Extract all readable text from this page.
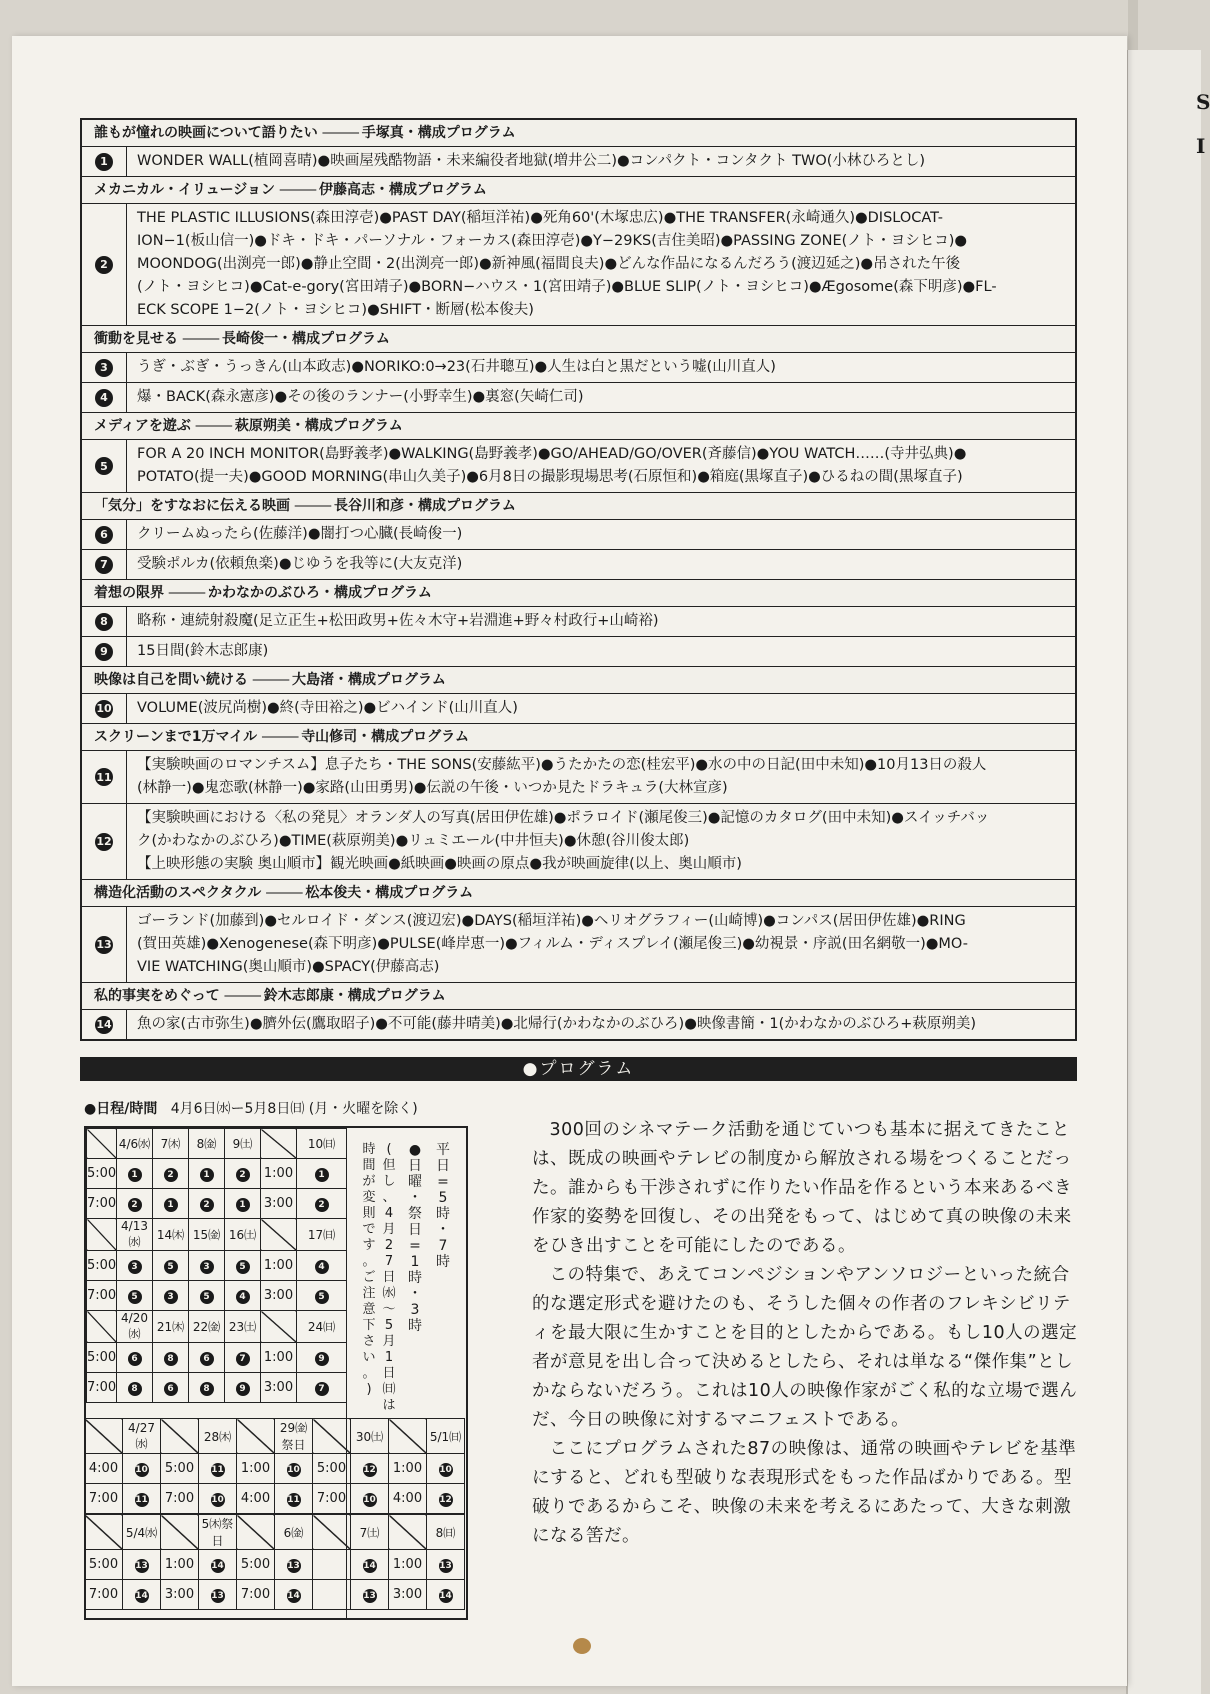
S
I
誰もが憧れの映画について語りたい ——— 手塚真・構成プログラム
1	WONDER WALL(植岡喜晴)●映画屋残酷物語・未来編役者地獄(増井公二)●コンパクト・コンタクト TWO(小林ひろとし)
メカニカル・イリュージョン ——— 伊藤高志・構成プログラム
2
THE PLASTIC ILLUSIONS(森田淳壱)●PAST DAY(稲垣洋祐)●死角60'(木塚忠広)●THE TRANSFER(永崎通久)●DISLOCAT-
ION−1(板山信一)●ドキ・ドキ・パーソナル・フォーカス(森田淳壱)●Y−29KS(吉住美昭)●PASSING ZONE(ノト・ヨシヒコ)●
MOONDOG(出渕亮一郎)●静止空間・2(出渕亮一郎)●新神風(福間良夫)●どんな作品になるんだろう(渡辺延之)●吊された午後
(ノト・ヨシヒコ)●Cat-e-gory(宮田靖子)●BORN−ハウス・1(宮田靖子)●BLUE SLIP(ノト・ヨシヒコ)●Ægosome(森下明彦)●FL-
ECK SCOPE 1−2(ノト・ヨシヒコ)●SHIFT・断層(松本俊夫)
衝動を見せる ——— 長崎俊一・構成プログラム
3	うぎ・ぶぎ・うっきん(山本政志)●NORIKO:0→23(石井聰互)●人生は白と黒だという嘘(山川直人)
4	爆・BACK(森永憲彦)●その後のランナー(小野幸生)●裏窓(矢崎仁司)
メディアを遊ぶ ——— 萩原朔美・構成プログラム
5
FOR A 20 INCH MONITOR(島野義孝)●WALKING(島野義孝)●GO/AHEAD/GO/OVER(斉藤信)●YOU WATCH……(寺井弘典)●
POTATO(提一夫)●GOOD MORNING(串山久美子)●6月8日の撮影現場思考(石原恒和)●箱庭(黒塚直子)●ひるねの間(黒塚直子)
「気分」をすなおに伝える映画 ——— 長谷川和彦・構成プログラム
6	クリームぬったら(佐藤洋)●闇打つ心臓(長崎俊一)
7	受験ポルカ(依頼魚楽)●じゆうを我等に(大友克洋)
着想の限界 ——— かわなかのぶひろ・構成プログラム
8	略称・連続射殺魔(足立正生+松田政男+佐々木守+岩淵進+野々村政行+山崎裕)
9	15日間(鈴木志郎康)
映像は自己を問い続ける ——— 大島渚・構成プログラム
10	VOLUME(波尻尚樹)●終(寺田裕之)●ビハインド(山川直人)
スクリーンまで1万マイル ——— 寺山修司・構成プログラム
11
【実験映画のロマンチスム】息子たち・THE SONS(安藤紘平)●うたかたの恋(桂宏平)●水の中の日記(田中未知)●10月13日の殺人
(林静一)●鬼恋歌(林静一)●家路(山田勇男)●伝説の午後・いつか見たドラキュラ(大林宣彦)
12
【実験映画における〈私の発見〉オランダ人の写真(居田伊佐雄)●ポラロイド(瀬尾俊三)●記憶のカタログ(田中未知)●スイッチバッ
ク(かわなかのぶひろ)●TIME(萩原朔美)●リュミエール(中井恒夫)●休憩(谷川俊太郎)
【上映形態の実験 奥山順市】観光映画●紙映画●映画の原点●我が映画旋律(以上、奥山順市)
構造化活動のスペクタクル ——— 松本俊夫・構成プログラム
13
ゴーランド(加藤到)●セルロイド・ダンス(渡辺宏)●DAYS(稲垣洋祐)●ヘリオグラフィー(山崎博)●コンパス(居田伊佐雄)●RING
(賀田英雄)●Xenogenese(森下明彦)●PULSE(峰岸恵一)●フィルム・ディスプレイ(瀬尾俊三)●幼視景・序説(田名網敬一)●MO-
VIE WATCHING(奥山順市)●SPACY(伊藤高志)
私的事実をめぐって ——— 鈴木志郎康・構成プログラム
14	魚の家(古市弥生)●臍外伝(鷹取昭子)●不可能(藤井晴美)●北帰行(かわなかのぶひろ)●映像書簡・1(かわなかのぶひろ+萩原朔美)
●プログラム
●日程/時間 4月6日㈬ー5月8日㈰ (月・火曜を除く)
	4/6㈬	7㈭	8㈮	9㈯		10㈰
5:00	1	2	1	2	1:00	1
7:00	2	1	2	1	3:00	2
	4/13㈬	14㈭	15㈮	16㈯		17㈰
5:00	3	5	3	5	1:00	4
7:00	5	3	5	4	3:00	5
	4/20㈬	21㈭	22㈮	23㈯		24㈰
5:00	6	8	6	7	1:00	9
7:00	8	6	8	9	3:00	7
平
日
=
5
時
・
7
時
●
日
曜
・
祭
日
=
1
時
・
3
時
(
但
し
、
4
月
2
7
日
㈬
〜
5
月
1
日
㈰
は
時
間
が
変
則
で
す
。
ご
注
意
下
さ
い
。
)
	4/27㈬		28㈭		29㈮祭日		30㈯		5/1㈰
4:00	10	5:00	11	1:00	10	5:00	12	1:00	10
7:00	11	7:00	10	4:00	11	7:00	10	4:00	12
	5/4㈬		5㈭祭日		6㈮		7㈯		8㈰
5:00	13	1:00	14	5:00	13		14	1:00	13
7:00	14	3:00	13	7:00	14		13	3:00	14

300回のシネマテーク活動を通じていつも基本に据えてきたことは、既成の映画やテレビの制度から解放される場をつくることだった。誰からも干渉されずに作りたい作品を作るという本来あるべき作家的姿勢を回復し、その出発をもって、はじめて真の映像の未来をひき出すことを可能にしたのである。

この特集で、あえてコンペジションやアンソロジーといった統合的な選定形式を避けたのも、そうした個々の作者のフレキシビリティを最大限に生かすことを目的としたからである。もし10人の選定者が意見を出し合って決めるとしたら、それは単なる“傑作集”としかならないだろう。これは10人の映像作家がごく私的な立場で選んだ、今日の映像に対するマニフェストである。

ここにプログラムされた87の映像は、通常の映画やテレビを基準にすると、どれも型破りな表現形式をもった作品ばかりである。型破りであるからこそ、映像の未来を考えるにあたって、大きな刺激になる筈だ。
